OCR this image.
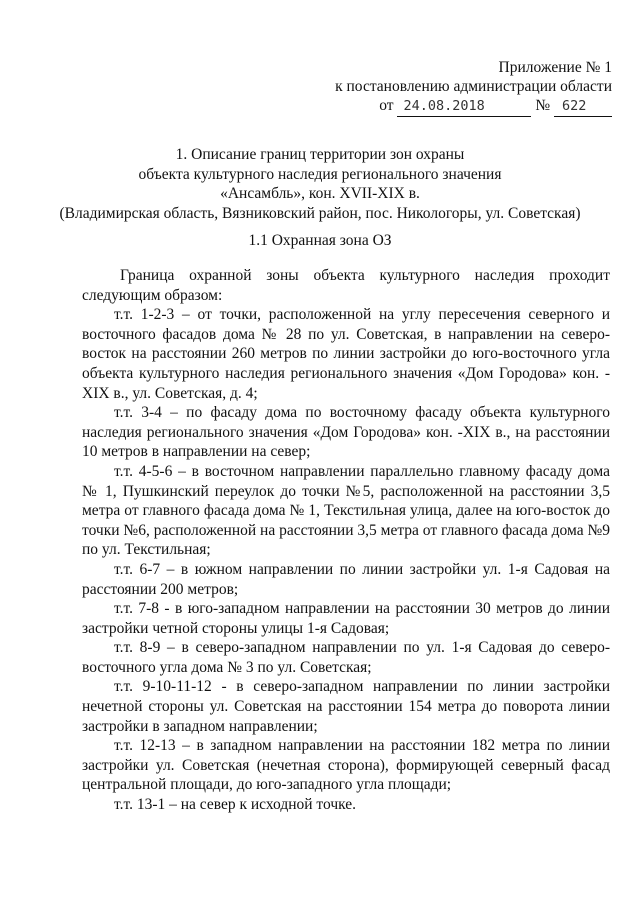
Приложение № 1
к постановлению администрации области
от 24.08.2018	№ 622
1. Описание границ территории зон охраны
объекта культурного наследия регионального значения
«Ансамбль», кон. XVII-XIX в.
(Владимирская область, Вязниковский район, пос. Никологоры, ул. Советская)
1.1 Охранная зона ОЗ

Граница охранной зоны объекта культурного наследия проходит следующим образом:

т.т. 1-2-3 – от точки, расположенной на углу пересечения северного и восточного фасадов дома № 28 по ул. Советская, в направлении на северо-восток на расстоянии 260 метров по линии застройки до юго-восточного угла объекта культурного наследия регионального значения «Дом Городова» кон. -XIX в., ул. Советская, д. 4;

т.т. 3-4 – по фасаду дома по восточному фасаду объекта культурного наследия регионального значения «Дом Городова» кон. -XIX в., на расстоянии 10 метров в направлении на север;

т.т. 4-5-6 – в восточном направлении параллельно главному фасаду дома № 1, Пушкинский переулок до точки №5, расположенной на расстоянии 3,5 метра от главного фасада дома № 1, Текстильная улица, далее на юго-восток до точки №6, расположенной на расстоянии 3,5 метра от главного фасада дома №9 по ул. Текстильная;

т.т. 6-7 – в южном направлении по линии застройки ул. 1-я Садовая на расстоянии 200 метров;

т.т. 7-8 - в юго-западном направлении на расстоянии 30 метров до линии застройки четной стороны улицы 1-я Садовая;

т.т. 8-9 – в северо-западном направлении по ул. 1-я Садовая до северо-восточного угла дома № 3 по ул. Советская;

т.т. 9-10-11-12 - в северо-западном направлении по линии застройки нечетной стороны ул. Советская на расстоянии 154 метра до поворота линии застройки в западном направлении;

т.т. 12-13 – в западном направлении на расстоянии 182 метра по линии застройки ул. Советская (нечетная сторона), формирующей северный фасад центральной площади, до юго-западного угла площади;

т.т. 13-1 – на север к исходной точке.
